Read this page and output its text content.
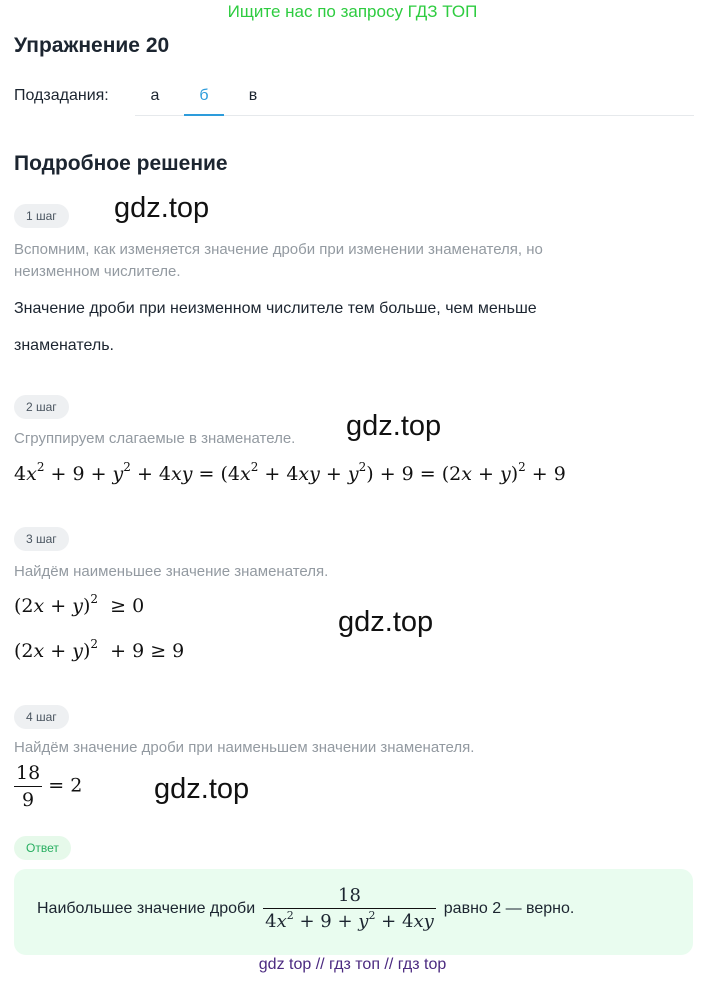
Ищите нас по запросу ГДЗ ТОП
Упражнение 20
Подзадания:	а	б	в
Подробное решение
1 шаг	gdz.top
Вспомним, как изменяется значение дроби при изменении знаменателя, но
неизменном числителе.
Значение дроби при неизменном числителе тем больше, чем меньше
знаменатель.
2 шаг
gdz.top
Сгруппируем слагаемые в знаменателе.
$4x^2 + 9 + y^2 + 4xy = (4x^2 + 4xy + y^2) + 9 = (2x + y)^2 + 9$
3 шаг
Найдём наименьшее значение знаменателя.
$(2x + y)^2 \ge 0$	gdz.top
$(2x + y)^2 + 9 \ge 9$
4 шаг
Найдём значение дроби при наименьшем значении знаменателя.
$\frac{18}{9} = 2$ gdz.top
Ответ
Наибольшее значение дроби $\frac{18}{4x^2 + 9 + y^2 + 4xy}$ равно 2 — верно.
gdz top // гдз топ // гдз top
